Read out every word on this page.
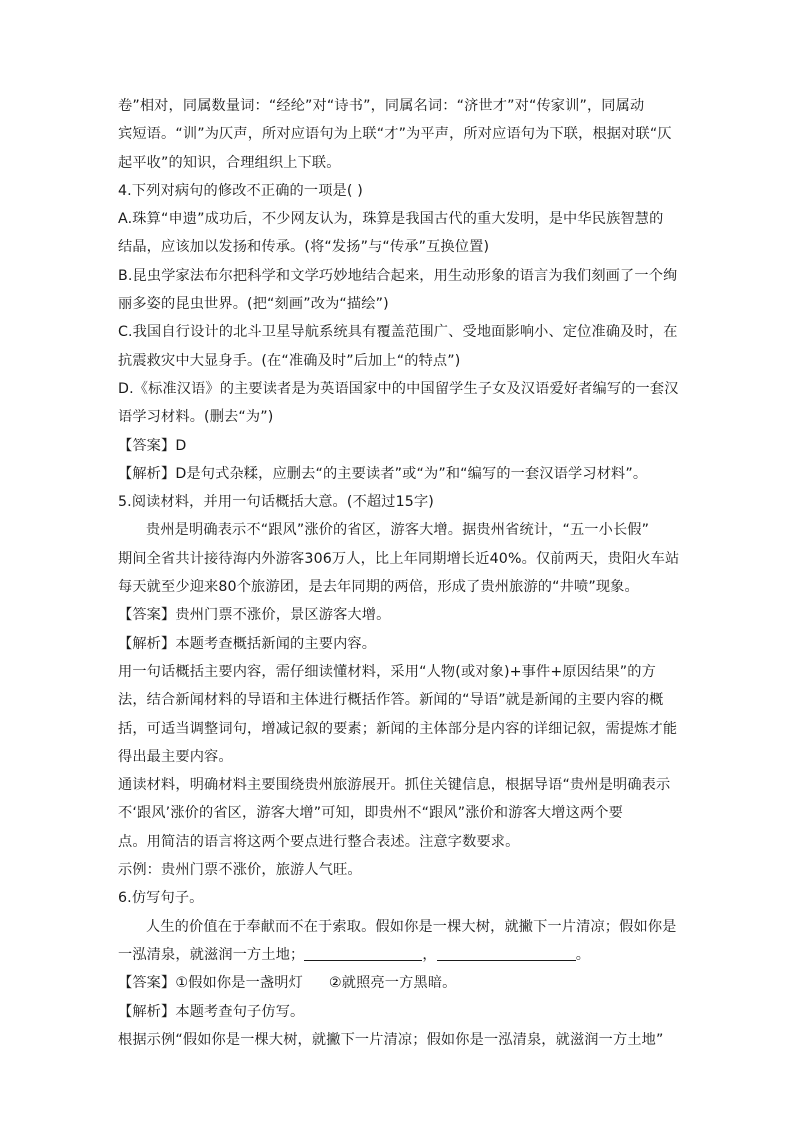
卷”相对，同属数量词：“经纶”对“诗书”，同属名词：“济世才”对“传家训”，同属动
宾短语。“训”为仄声，所对应语句为上联“才”为平声，所对应语句为下联，根据对联“仄
起平收”的知识，合理组织上下联。
4.下列对病句的修改不正确的一项是( )
A.珠算“申遗”成功后，不少网友认为，珠算是我国古代的重大发明，是中华民族智慧的
结晶，应该加以发扬和传承。(将“发扬”与“传承”互换位置)
B.昆虫学家法布尔把科学和文学巧妙地结合起来，用生动形象的语言为我们刻画了一个绚
丽多姿的昆虫世界。(把“刻画”改为“描绘”)
C.我国自行设计的北斗卫星导航系统具有覆盖范围广、受地面影响小、定位准确及时，在
抗震救灾中大显身手。(在“准确及时”后加上“的特点”)
D.《标准汉语》的主要读者是为英语国家中的中国留学生子女及汉语爱好者编写的一套汉
语学习材料。(删去“为”)
【答案】D
【解析】D是句式杂糅，应删去“的主要读者”或“为”和“编写的一套汉语学习材料”。
5.阅读材料，并用一句话概括大意。(不超过15字)
贵州是明确表示不“跟风”涨价的省区，游客大增。据贵州省统计，“五一小长假”
期间全省共计接待海内外游客306万人，比上年同期增长近40%。仅前两天，贵阳火车站
每天就至少迎来80个旅游团，是去年同期的两倍，形成了贵州旅游的“井喷”现象。
【答案】贵州门票不涨价，景区游客大增。
【解析】本题考查概括新闻的主要内容。
用一句话概括主要内容，需仔细读懂材料，采用“人物(或对象)+事件+原因结果”的方
法，结合新闻材料的导语和主体进行概括作答。新闻的“导语”就是新闻的主要内容的概
括，可适当调整词句，增减记叙的要素；新闻的主体部分是内容的详细记叙，需提炼才能
得出最主要内容。
通读材料，明确材料主要围绕贵州旅游展开。抓住关键信息，根据导语“贵州是明确表示
不‘跟风’涨价的省区，游客大增”可知，即贵州不“跟风”涨价和游客大增这两个要
点。用简洁的语言将这两个要点进行整合表述。注意字数要求。
示例：贵州门票不涨价，旅游人气旺。
6.仿写句子。
人生的价值在于奉献而不在于索取。假如你是一棵大树，就撇下一片清凉；假如你是
一泓清泉，就滋润一方土地；	，	。
【答案】①假如你是一盏明灯 ②就照亮一方黑暗。
【解析】本题考查句子仿写。
根据示例“假如你是一棵大树，就撇下一片清凉；假如你是一泓清泉，就滋润一方土地”
